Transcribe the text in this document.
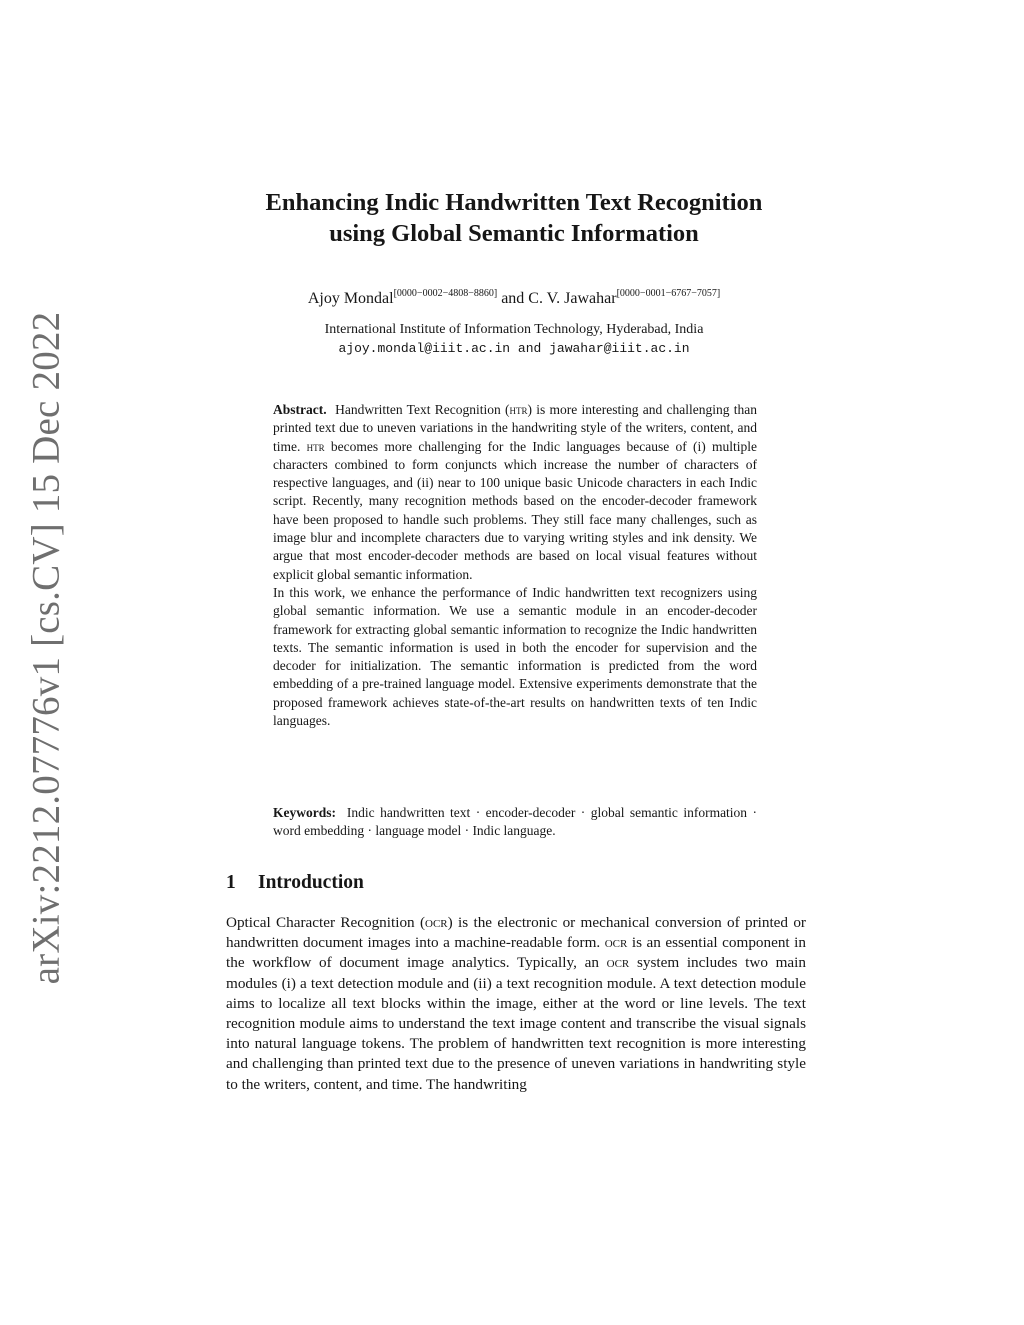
arXiv:2212.07776v1 [cs.CV] 15 Dec 2022
Enhancing Indic Handwritten Text Recognition
using Global Semantic Information
Ajoy Mondal[0000−0002−4808−8860] and C. V. Jawahar[0000−0001−6767−7057]
International Institute of Information Technology, Hyderabad, India
ajoy.mondal@iiit.ac.in and jawahar@iiit.ac.in

Abstract. Handwritten Text Recognition (htr) is more interesting and challenging than printed text due to uneven variations in the handwriting style of the writers, content, and time. htr becomes more challenging for the Indic languages because of (i) multiple characters combined to form conjuncts which increase the number of characters of respective languages, and (ii) near to 100 unique basic Unicode characters in each Indic script. Recently, many recognition methods based on the encoder-decoder framework have been proposed to handle such problems. They still face many challenges, such as image blur and incomplete characters due to varying writing styles and ink density. We argue that most encoder-decoder methods are based on local visual features without explicit global semantic information.

In this work, we enhance the performance of Indic handwritten text recognizers using global semantic information. We use a semantic module in an encoder-decoder framework for extracting global semantic information to recognize the Indic handwritten texts. The semantic information is used in both the encoder for supervision and the decoder for initialization. The semantic information is predicted from the word embedding of a pre-trained language model. Extensive experiments demonstrate that the proposed framework achieves state-of-the-art results on handwritten texts of ten Indic languages.

Keywords: Indic handwritten text · encoder-decoder · global semantic information · word embedding · language model · Indic language.
1 Introduction

Optical Character Recognition (ocr) is the electronic or mechanical conversion of printed or handwritten document images into a machine-readable form. ocr is an essential component in the workflow of document image analytics. Typically, an ocr system includes two main modules (i) a text detection module and (ii) a text recognition module. A text detection module aims to localize all text blocks within the image, either at the word or line levels. The text recognition module aims to understand the text image content and transcribe the visual signals into natural language tokens. The problem of handwritten text recognition is more interesting and challenging than printed text due to the presence of uneven variations in handwriting style to the writers, content, and time. The handwriting
